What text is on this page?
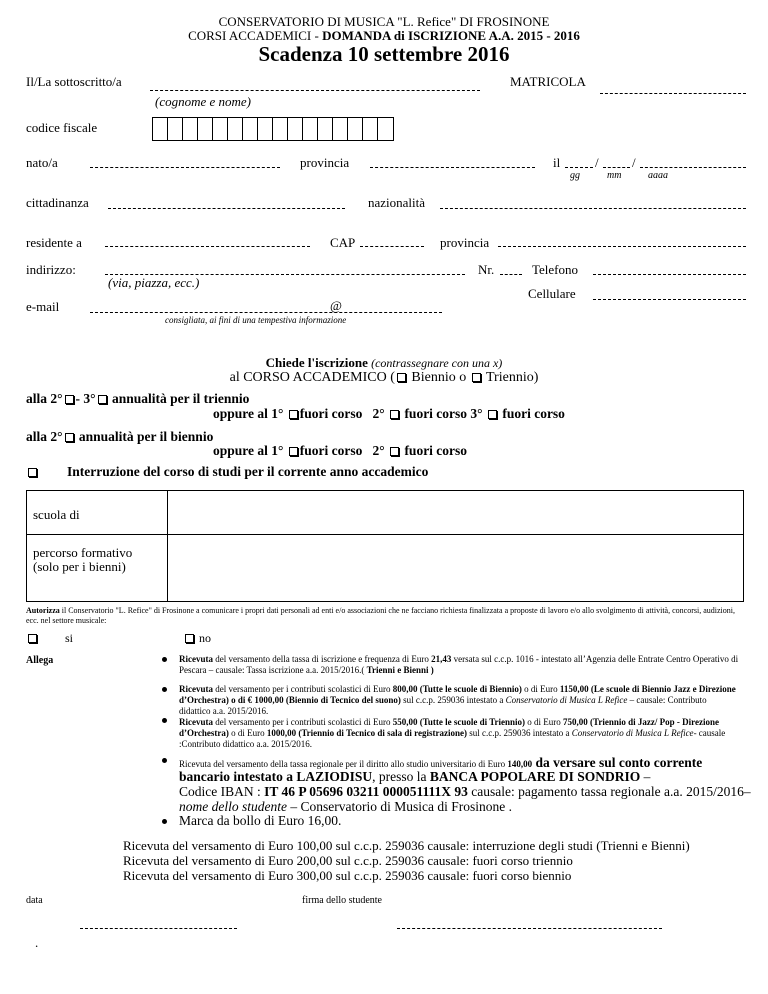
CONSERVATORIO DI MUSICA "L. Refice" DI FROSINONE
CORSI ACCADEMICI - DOMANDA di ISCRIZIONE A.A. 2015 - 2016
Scadenza 10 settembre 2016
Il/La sottoscritto/a
(cognome e nome)
MATRICOLA
codice fiscale
nato/a	provincia	il	/	/
gg	mm	aaaa
cittadinanza	nazionalità
residente a	CAP	provincia
indirizzo:
(via, piazza, ecc.)
Nr.	Telefono
Cellulare
e-mail	@
consigliata, ai fini di una tempestiva informazione
Chiede l'iscrizione (contrassegnare con una x)
al CORSO ACCADEMICO ( Biennio o Triennio)
alla 2° - 3° annualità per il triennio
oppure al 1° fuori corso 2° fuori corso 3° fuori corso
alla 2° annualità per il biennio
oppure al 1° fuori corso 2° fuori corso
Interruzione del corso di studi per il corrente anno accademico
scuola di
percorso formativo
(solo per i bienni)
Autorizza il Conservatorio "L. Refice" di Frosinone a comunicare i propri dati personali ad enti e/o associazioni che ne facciano richiesta finalizzata a proposte di lavoro e/o allo svolgimento di attività, concorsi, audizioni, ecc. nel settore musicale:
si	no
Allega	Ricevuta del versamento della tassa di iscrizione e frequenza di Euro 21,43 versata sul c.c.p. 1016 - intestato all’Agenzia delle Entrate Centro Operativo di Pescara – causale: Tassa iscrizione a.a. 2015/2016.( Trienni e Bienni )
Ricevuta del versamento per i contributi scolastici di Euro 800,00 (Tutte le scuole di Biennio) o di Euro 1150,00 (Le scuole di Biennio Jazz e Direzione d’Orchestra) o di € 1000,00 (Biennio di Tecnico del suono) sul c.c.p. 259036 intestato a Conservatorio di Musica L Refice – causale: Contributo didattico a.a. 2015/2016.
Ricevuta del versamento per i contributi scolastici di Euro 550,00 (Tutte le scuole di Triennio) o di Euro 750,00 (Triennio di Jazz/ Pop - Direzione d’Orchestra) o di Euro 1000,00 (Triennio di Tecnico di sala di registrazione) sul c.c.p. 259036 intestato a Conservatorio di Musica L Refice- causale :Contributo didattico a.a. 2015/2016.
Ricevuta del versamento della tassa regionale per il diritto allo studio universitario di Euro 140,00 da versare sul conto corrente
bancario intestato a LAZIODISU, presso la BANCA POPOLARE DI SONDRIO –
Codice IBAN : IT 46 P 05696 03211 000051111X 93 causale: pagamento tassa regionale a.a. 2015/2016–
nome dello studente – Conservatorio di Musica di Frosinone .
Marca da bollo di Euro 16,00.
Ricevuta del versamento di Euro 100,00 sul c.c.p. 259036 causale: interruzione degli studi (Trienni e Bienni)
Ricevuta del versamento di Euro 200,00 sul c.c.p. 259036 causale: fuori corso triennio
Ricevuta del versamento di Euro 300,00 sul c.c.p. 259036 causale: fuori corso biennio
data	firma dello studente
.
